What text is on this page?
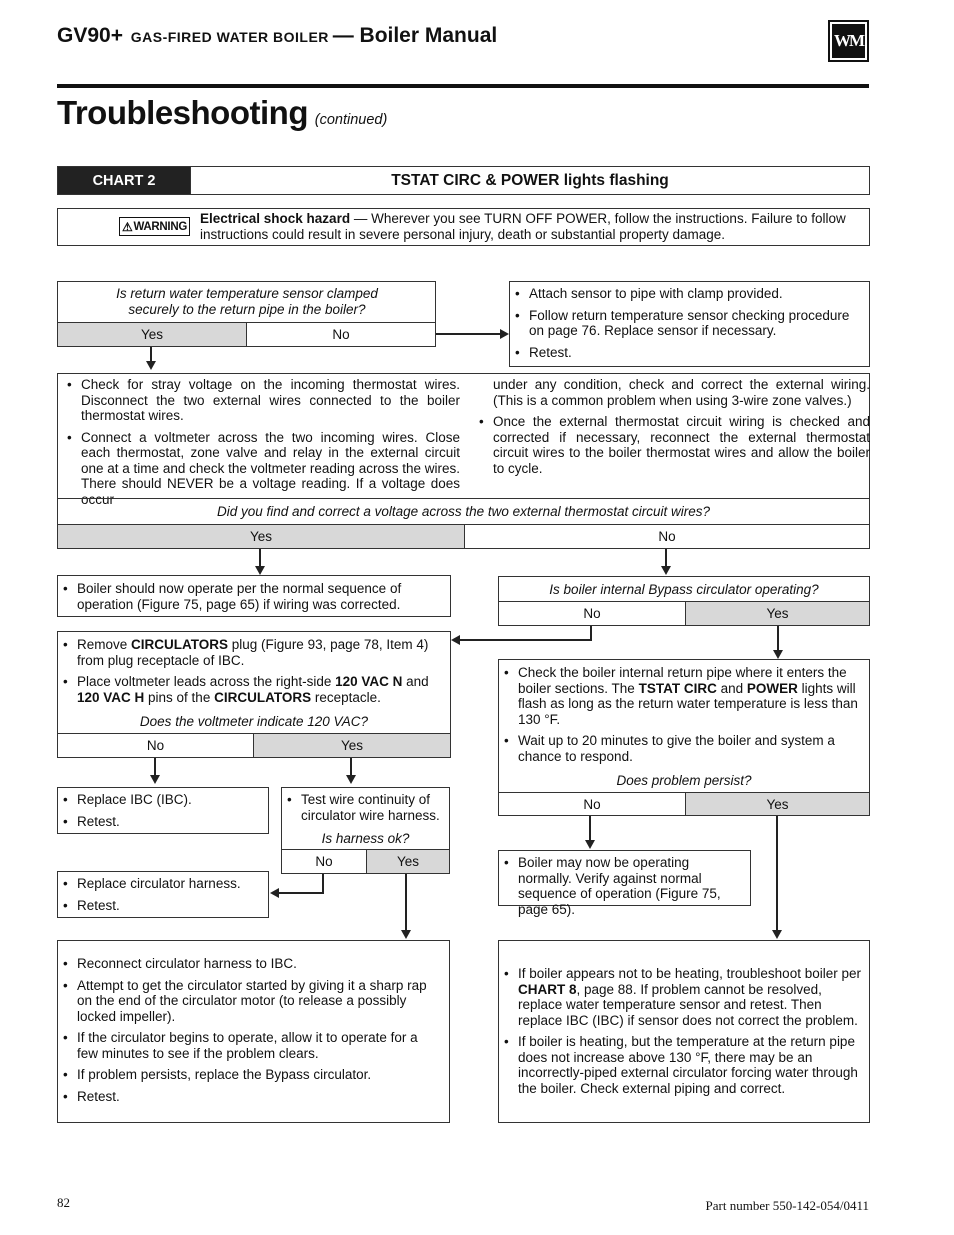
GV90+ GAS-FIRED WATER BOILER — Boiler Manual	WM
Troubleshooting (continued)
CHART 2	TSTAT CIRC & POWER lights flashing
⚠ WARNING
Electrical shock hazard — Wherever you see TURN OFF POWER, follow the instructions. Failure to follow instructions could result in severe personal injury, death or substantial property damage.
Is return water temperature sensor clamped securely to the return pipe in the boiler?
Yes	No
• Attach sensor to pipe with clamp provided.
• Follow return temperature sensor checking procedure on page 76. Replace sensor if necessary.
• Retest.
• Check for stray voltage on the incoming thermostat wires. Disconnect the two external wires connected to the boiler thermostat wires.
• Connect a voltmeter across the two incoming wires. Close each thermostat, zone valve and relay in the external circuit one at a time and check the voltmeter reading across the wires. There should NEVER be a voltage reading. If a voltage does occur
under any condition, check and correct the external wiring. (This is a common problem when using 3-wire zone valves.)
• Once the external thermostat circuit wiring is checked and corrected if necessary, reconnect the external thermostat circuit wires to the boiler thermostat wires and allow the boiler to cycle.
Did you find and correct a voltage across the two external thermostat circuit wires?
Yes	No
• Boiler should now operate per the normal sequence of operation (Figure 75, page 65) if wiring was corrected.
Is boiler internal Bypass circulator operating?
No	Yes
• Remove CIRCULATORS plug (Figure 93, page 78, Item 4) from plug receptacle of IBC.
• Place voltmeter leads across the right-side 120 VAC N and 120 VAC H pins of the CIRCULATORS receptacle.
Does the voltmeter indicate 120 VAC?
No	Yes
• Check the boiler internal return pipe where it enters the boiler sections. The TSTAT CIRC and POWER lights will flash as long as the return water temperature is less than 130 °F.
• Wait up to 20 minutes to give the boiler and system a chance to respond.
Does problem persist?
No	Yes
• Replace IBC (IBC).
• Retest.
• Test wire continuity of circulator wire harness.
Is harness ok?
No	Yes
•	Boiler may now be operating normally. Verify against normal sequence of operation (Figure 75, page 65).
• Replace circulator harness.
• Retest.
• Reconnect circulator harness to IBC.
• Attempt to get the circulator started by giving it a sharp rap on the end of the circulator motor (to release a possibly locked impeller).
• If the circulator begins to operate, allow it to operate for a few minutes to see if the problem clears.
• If problem persists, replace the Bypass circulator.
• Retest.
• If boiler appears not to be heating, troubleshoot boiler per CHART 8, page 88. If problem cannot be resolved, replace water temperature sensor and retest. Then replace IBC (IBC) if sensor does not correct the problem.
• If boiler is heating, but the temperature at the return pipe does not increase above 130 °F, there may be an incorrectly-piped external circulator forcing water through the boiler. Check external piping and correct.
82	Part number 550-142-054/0411
